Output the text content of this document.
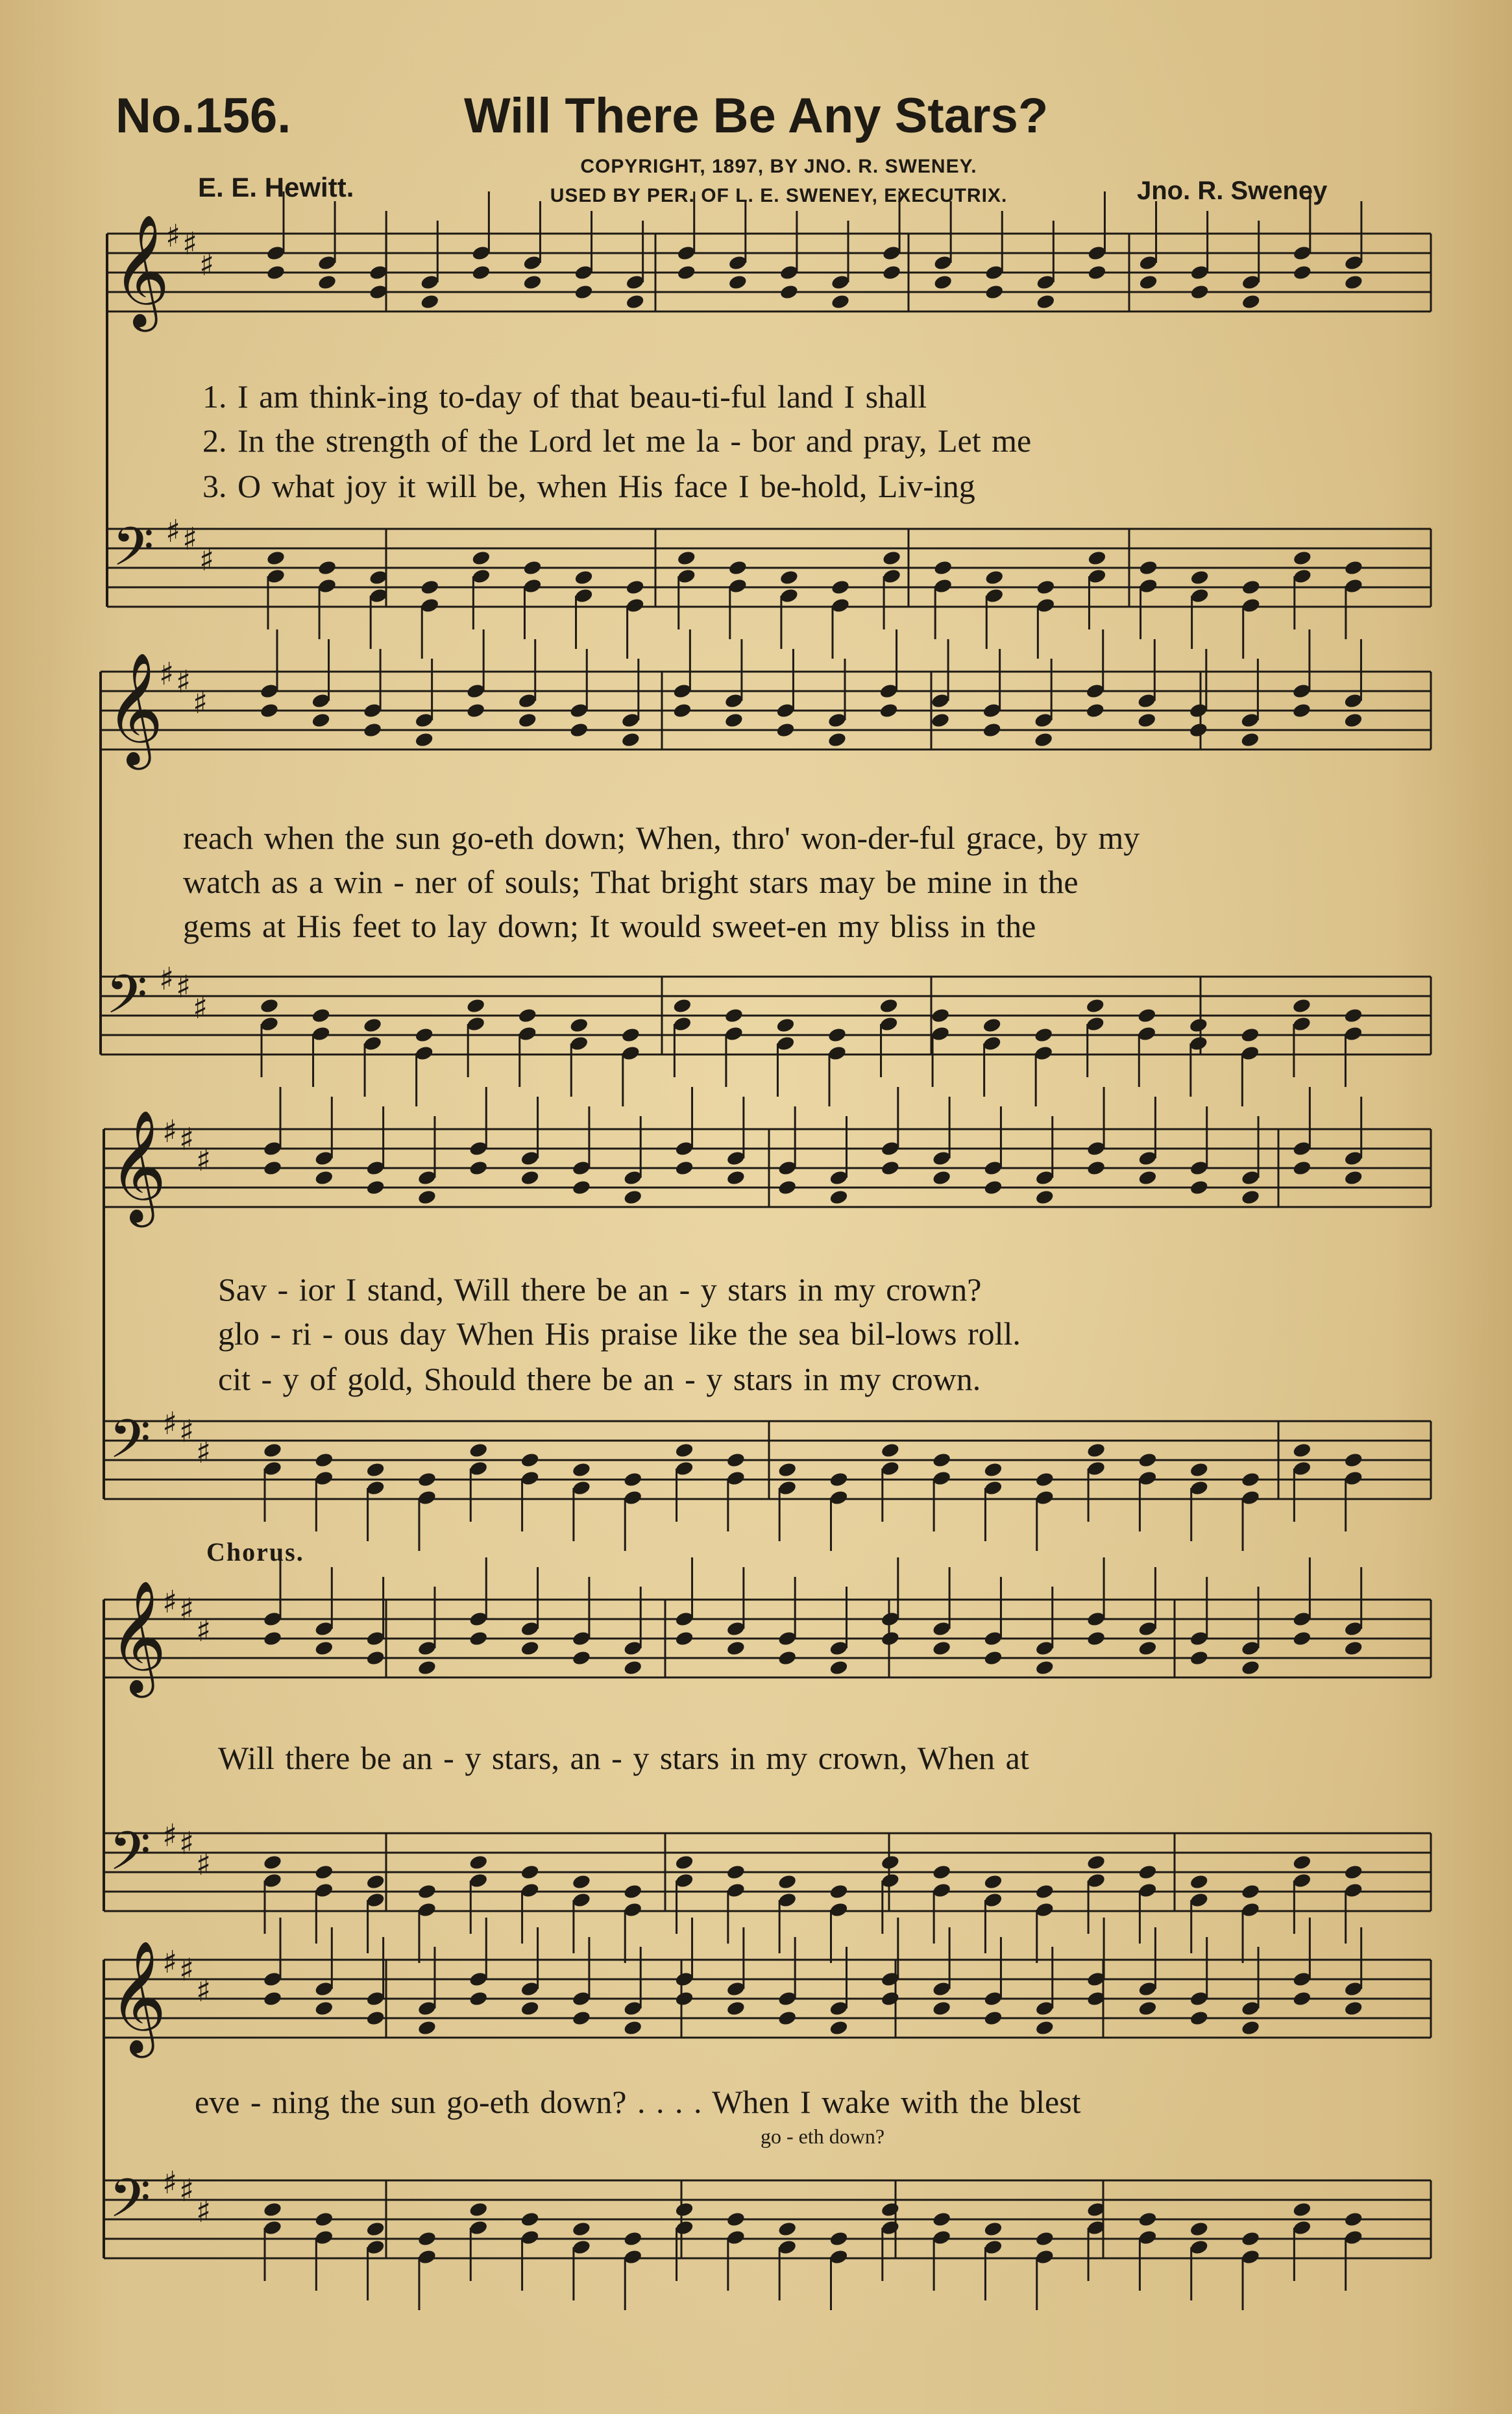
No.156.	Will There Be Any Stars?
E. E. Hewitt.
COPYRIGHT, 1897, BY JNO. R. SWENEY.
USED BY PER. OF L. E. SWENEY, EXECUTRIX.	Jno. R. Sweney
𝄞
♯ ♯
♯
𝄢 ♯ ♯
♯
𝄞
♯ ♯
♯
𝄢 ♯ ♯
♯
𝄞
♯ ♯
♯
𝄢 ♯ ♯
♯
𝄞
♯ ♯
♯
𝄢 ♯ ♯
♯
𝄞
♯ ♯
♯
𝄢 ♯ ♯
♯
1. I am think-ing to-day of that beau-ti-ful land I shall
2. In the strength of the Lord let me la - bor and pray, Let me
3. O what joy it will be, when His face I be-hold, Liv-ing
reach when the sun go-eth down; When, thro' won-der-ful grace, by my
watch as a win - ner of souls; That bright stars may be mine in the
gems at His feet to lay down; It would sweet-en my bliss in the
Sav - ior I stand, Will there be an - y stars in my crown?
glo - ri - ous day When His praise like the sea bil-lows roll.
cit - y of gold, Should there be an - y stars in my crown.
Chorus.
Will there be an - y stars, an - y stars in my crown, When at
eve - ning the sun go-eth down? . . . . When I wake with the blest
go - eth down?
